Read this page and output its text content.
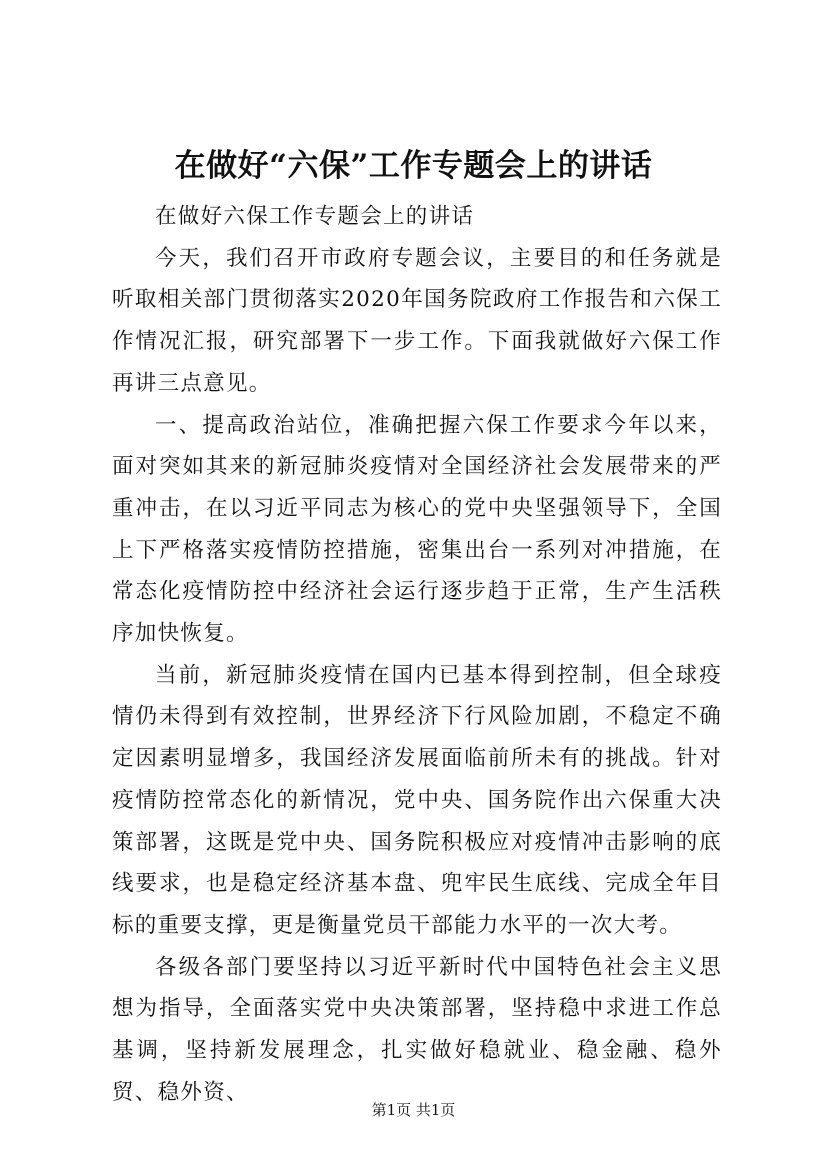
在做好“六保”工作专题会上的讲话

在做好六保工作专题会上的讲话

今天，我们召开市政府专题会议，主要目的和任务就是听取相关部门贯彻落实2020年国务院政府工作报告和六保工作情况汇报，研究部署下一步工作。下面我就做好六保工作再讲三点意见。

一、提高政治站位，准确把握六保工作要求今年以来，面对突如其来的新冠肺炎疫情对全国经济社会发展带来的严重冲击，在以习近平同志为核心的党中央坚强领导下，全国上下严格落实疫情防控措施，密集出台一系列对冲措施，在常态化疫情防控中经济社会运行逐步趋于正常，生产生活秩序加快恢复。

当前，新冠肺炎疫情在国内已基本得到控制，但全球疫情仍未得到有效控制，世界经济下行风险加剧，不稳定不确定因素明显增多，我国经济发展面临前所未有的挑战。针对疫情防控常态化的新情况，党中央、国务院作出六保重大决策部署，这既是党中央、国务院积极应对疫情冲击影响的底线要求，也是稳定经济基本盘、兜牢民生底线、完成全年目标的重要支撑，更是衡量党员干部能力水平的一次大考。

各级各部门要坚持以习近平新时代中国特色社会主义思想为指导，全面落实党中央决策部署，坚持稳中求进工作总基调，坚持新发展理念，扎实做好稳就业、稳金融、稳外贸、稳外资、

第1页 共1页
